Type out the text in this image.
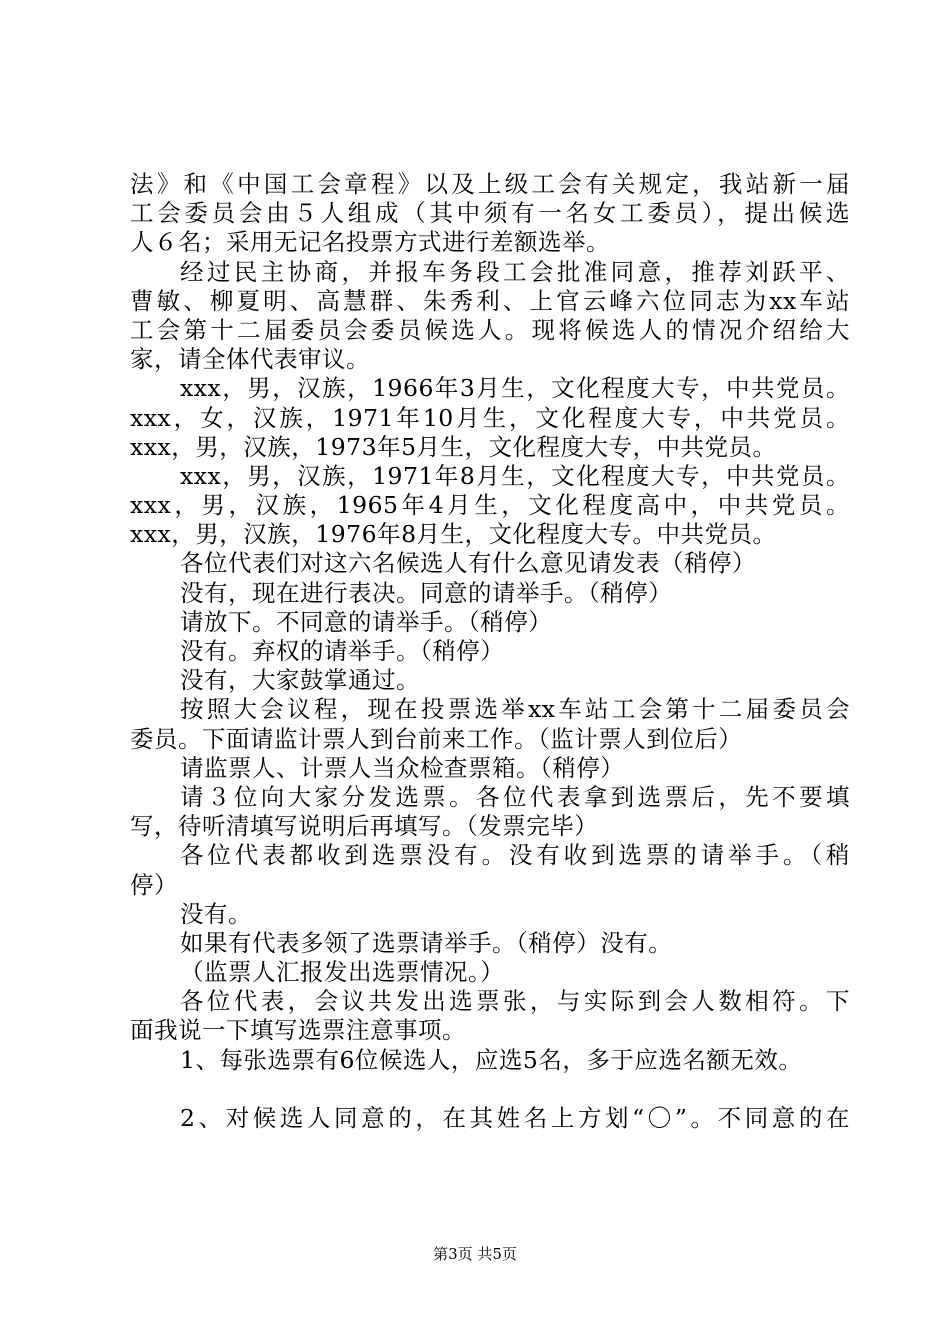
法》和《中国工会章程》以及上级工会有关规定，我站新一届
工会委员会由５人组成（其中须有一名女工委员），提出候选
人６名；采用无记名投票方式进行差额选举。
经过民主协商，并报车务段工会批准同意，推荐刘跃平、
曹敏、柳夏明、高慧群、朱秀利、上官云峰六位同志为xx车站
工会第十二届委员会委员候选人。现将候选人的情况介绍给大
家，请全体代表审议。
xxx，男，汉族，1966年3月生，文化程度大专，中共党员。
xxx，女，汉族，1971年10月生，文化程度大专，中共党员。
xxx，男，汉族，1973年5月生，文化程度大专，中共党员。
xxx，男，汉族，1971年8月生，文化程度大专，中共党员。
xxx，男，汉族，1965年4月生，文化程度高中，中共党员。
xxx，男，汉族，1976年8月生，文化程度大专。中共党员。
各位代表们对这六名候选人有什么意见请发表（稍停）
没有，现在进行表决。同意的请举手。（稍停）
请放下。不同意的请举手。（稍停）
没有。弃权的请举手。（稍停）
没有，大家鼓掌通过。
按照大会议程，现在投票选举xx车站工会第十二届委员会
委员。下面请监计票人到台前来工作。（监计票人到位后）
请监票人、计票人当众检查票箱。（稍停）
请３位向大家分发选票。各位代表拿到选票后，先不要填
写，待听清填写说明后再填写。（发票完毕）
各位代表都收到选票没有。没有收到选票的请举手。（稍
停）
没有。
如果有代表多领了选票请举手。（稍停）没有。
（监票人汇报发出选票情况。）
各位代表，会议共发出选票张，与实际到会人数相符。下
面我说一下填写选票注意事项。
1、每张选票有6位候选人，应选5名，多于应选名额无效。
2、对候选人同意的，在其姓名上方划“〇”。不同意的在
第3页 共5页
